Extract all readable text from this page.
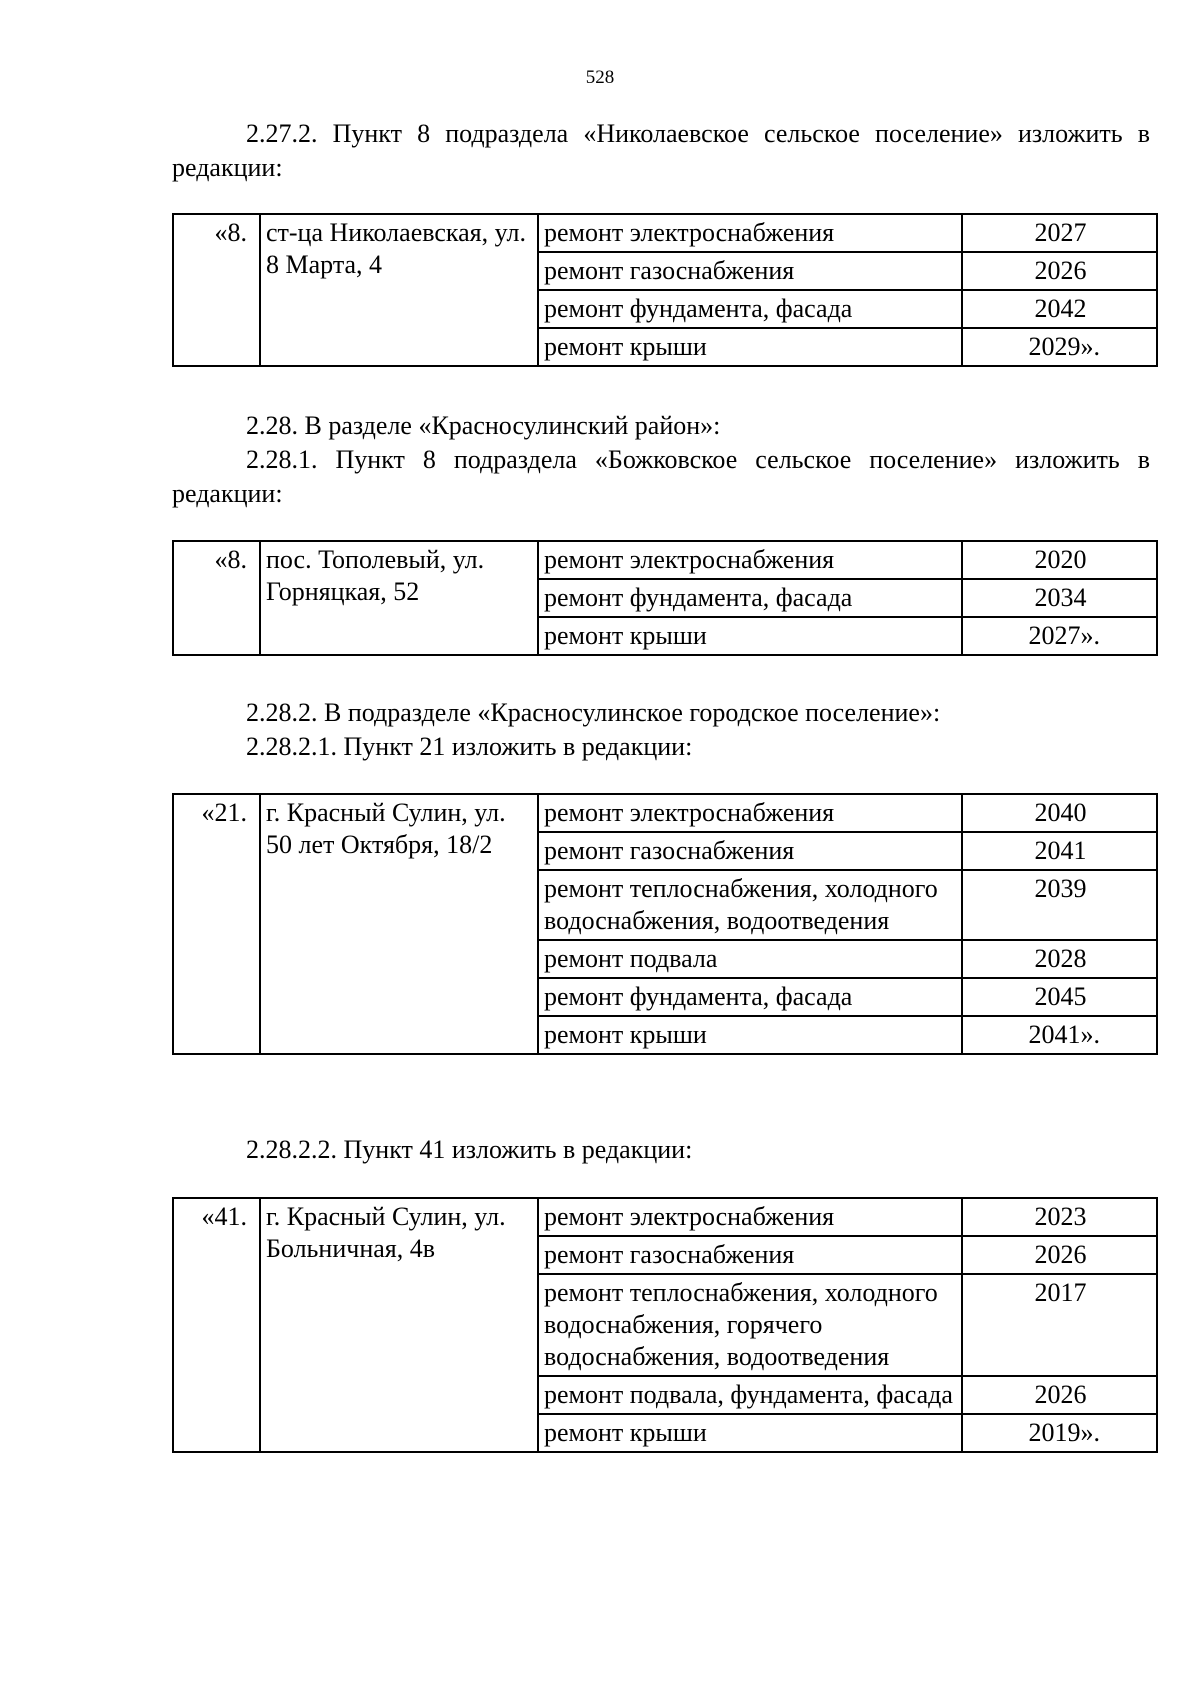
528

2.27.2. Пункт 8 подраздела «Николаевское сельское поселение» изложить в редакции:

«8.	ст-ца Николаевская, ул. 8 Марта, 4	ремонт электроснабжения	2027
		ремонт газоснабжения	2026
		ремонт фундамента, фасада	2042
		ремонт крыши	2029».

2.28. В разделе «Красносулинский район»:

2.28.1. Пункт 8 подраздела «Божковское сельское поселение» изложить в редакции:

«8.	пос. Тополевый, ул. Горняцкая, 52	ремонт электроснабжения	2020
		ремонт фундамента, фасада	2034
		ремонт крыши	2027».

2.28.2. В подразделе «Красносулинское городское поселение»:

2.28.2.1. Пункт 21 изложить в редакции:

«21.	г. Красный Сулин, ул. 50 лет Октября, 18/2	ремонт электроснабжения	2040
		ремонт газоснабжения	2041
		ремонт теплоснабжения, холодного водоснабжения, водоотведения	2039
		ремонт подвала	2028
		ремонт фундамента, фасада	2045
		ремонт крыши	2041».

2.28.2.2. Пункт 41 изложить в редакции:

«41.	г. Красный Сулин, ул. Больничная, 4в	ремонт электроснабжения	2023
		ремонт газоснабжения	2026
		ремонт теплоснабжения, холодного водоснабжения, горячего водоснабжения, водоотведения	2017
		ремонт подвала, фундамента, фасада	2026
		ремонт крыши	2019».
